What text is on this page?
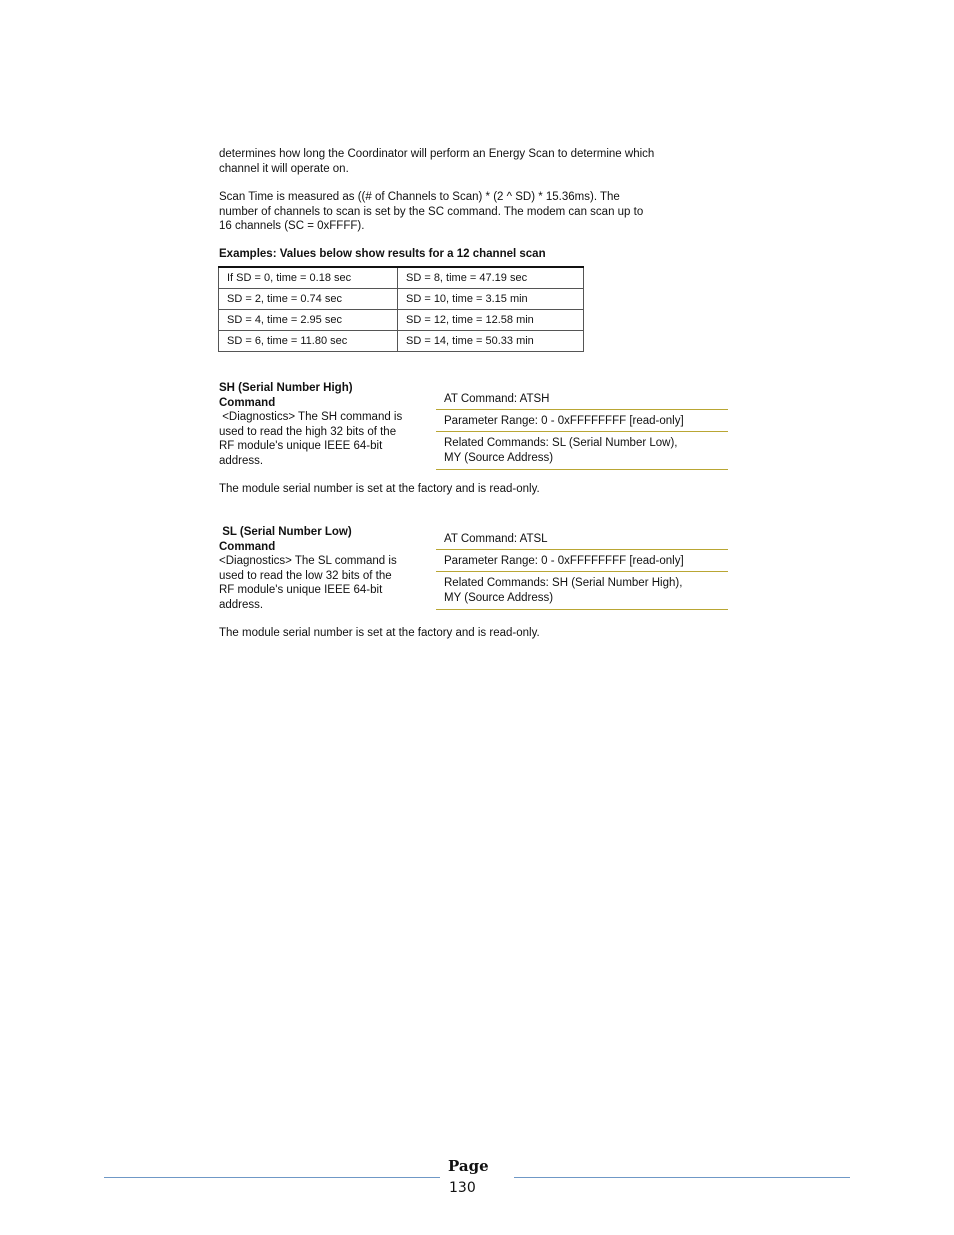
determines how long the Coordinator will perform an Energy Scan to determine which
channel it will operate on.
Scan Time is measured as ((# of Channels to Scan) * (2 ^ SD) * 15.36ms). The
number of channels to scan is set by the SC command. The modem can scan up to
16 channels (SC = 0xFFFF).
Examples: Values below show results for a 12 channel scan
If SD = 0, time = 0.18 sec	SD = 8, time = 47.19 sec
SD = 2, time = 0.74 sec	SD = 10, time = 3.15 min
SD = 4, time = 2.95 sec	SD = 12, time = 12.58 min
SD = 6, time = 11.80 sec	SD = 14, time = 50.33 min
SH (Serial Number High)
Command
<Diagnostics> The SH command is
used to read the high 32 bits of the
RF module's unique IEEE 64-bit
address.
AT Command: ATSH
Parameter Range: 0 - 0xFFFFFFFF [read-only]
Related Commands: SL (Serial Number Low),
MY (Source Address)
The module serial number is set at the factory and is read-only.
SL (Serial Number Low)
Command
<Diagnostics> The SL command is
used to read the low 32 bits of the
RF module's unique IEEE 64-bit
address.
AT Command: ATSL
Parameter Range: 0 - 0xFFFFFFFF [read-only]
Related Commands: SH (Serial Number High),
MY (Source Address)
The module serial number is set at the factory and is read-only.
Page
130
